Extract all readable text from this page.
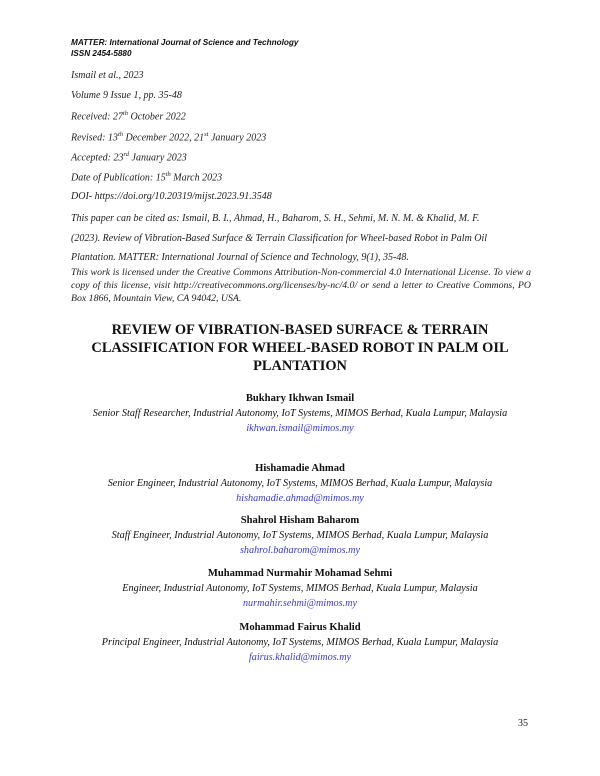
MATTER: International Journal of Science and Technology
ISSN 2454-5880
Ismail et al., 2023
Volume 9 Issue 1, pp. 35-48
Received: 27th October 2022
Revised: 13th December 2022, 21st January 2023
Accepted: 23rd January 2023
Date of Publication: 15th March 2023
DOI- https://doi.org/10.20319/mijst.2023.91.3548
This paper can be cited as: Ismail, B. I., Ahmad, H., Baharom, S. H., Sehmi, M. N. M. & Khalid, M. F.
(2023). Review of Vibration-Based Surface & Terrain Classification for Wheel-based Robot in Palm Oil
Plantation. MATTER: International Journal of Science and Technology, 9(1), 35-48.
This work is licensed under the Creative Commons Attribution-Non-commercial 4.0 International License. To view a copy of this license, visit http://creativecommons.org/licenses/by-nc/4.0/ or send a letter to Creative Commons, PO Box 1866, Mountain View, CA 94042, USA.
REVIEW OF VIBRATION-BASED SURFACE & TERRAIN
CLASSIFICATION FOR WHEEL-BASED ROBOT IN PALM OIL
PLANTATION
Bukhary Ikhwan Ismail
Senior Staff Researcher, Industrial Autonomy, IoT Systems, MIMOS Berhad, Kuala Lumpur, Malaysia
ikhwan.ismail@mimos.my
Hishamadie Ahmad
Senior Engineer, Industrial Autonomy, IoT Systems, MIMOS Berhad, Kuala Lumpur, Malaysia
hishamadie.ahmad@mimos.my
Shahrol Hisham Baharom
Staff Engineer, Industrial Autonomy, IoT Systems, MIMOS Berhad, Kuala Lumpur, Malaysia
shahrol.baharom@mimos.my
Muhammad Nurmahir Mohamad Sehmi
Engineer, Industrial Autonomy, IoT Systems, MIMOS Berhad, Kuala Lumpur, Malaysia
nurmahir.sehmi@mimos.my
Mohammad Fairus Khalid
Principal Engineer, Industrial Autonomy, IoT Systems, MIMOS Berhad, Kuala Lumpur, Malaysia
fairus.khalid@mimos.my
35
